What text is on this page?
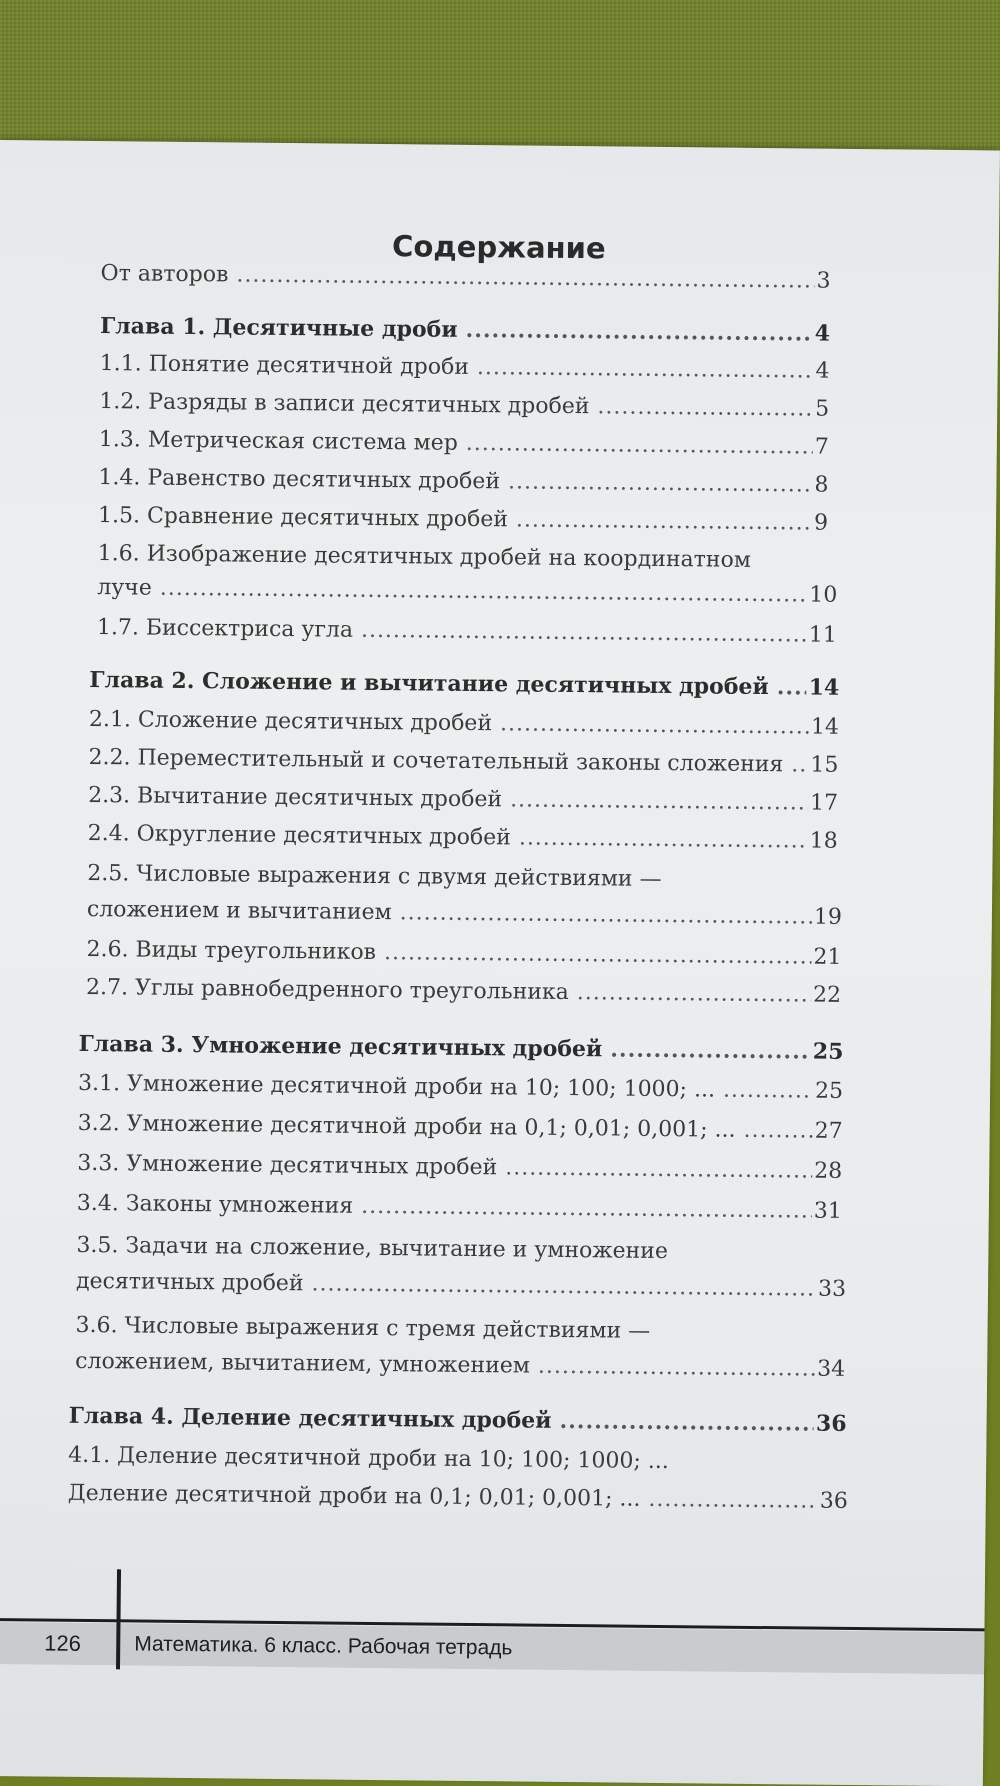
Содержание
От авторов .....	3
Глава 1. Десятичные дроби .....	4
1.1. Понятие десятичной дроби .....	4
1.2. Разряды в записи десятичных дробей .....	5
1.3. Метрическая система мер .....	7
1.4. Равенство десятичных дробей .....	8
1.5. Сравнение десятичных дробей .....	9
1.6. Изображение десятичных дробей на координатном
луче .....	10
1.7. Биссектриса угла .....	11
Глава 2. Сложение и вычитание десятичных дробей .....	14
2.1. Сложение десятичных дробей .....	14
2.2. Переместительный и сочетательный законы сложения .....	15
2.3. Вычитание десятичных дробей .....	17
2.4. Округление десятичных дробей .....	18
2.5. Числовые выражения с двумя действиями —
сложением и вычитанием .....	19
2.6. Виды треугольников .....	21
2.7. Углы равнобедренного треугольника .....	22
Глава 3. Умножение десятичных дробей .....	25
3.1. Умножение десятичной дроби на 10; 100; 1000; ... .....	25
3.2. Умножение десятичной дроби на 0,1; 0,01; 0,001; ... .....	27
3.3. Умножение десятичных дробей .....	28
3.4. Законы умножения .....	31
3.5. Задачи на сложение, вычитание и умножение
десятичных дробей .....	33
3.6. Числовые выражения с тремя действиями —
сложением, вычитанием, умножением .....	34
Глава 4. Деление десятичных дробей .....	36
4.1. Деление десятичной дроби на 10; 100; 1000; ...
Деление десятичной дроби на 0,1; 0,01; 0,001; ... .....	36
126	Математика. 6 класс. Рабочая тетрадь
